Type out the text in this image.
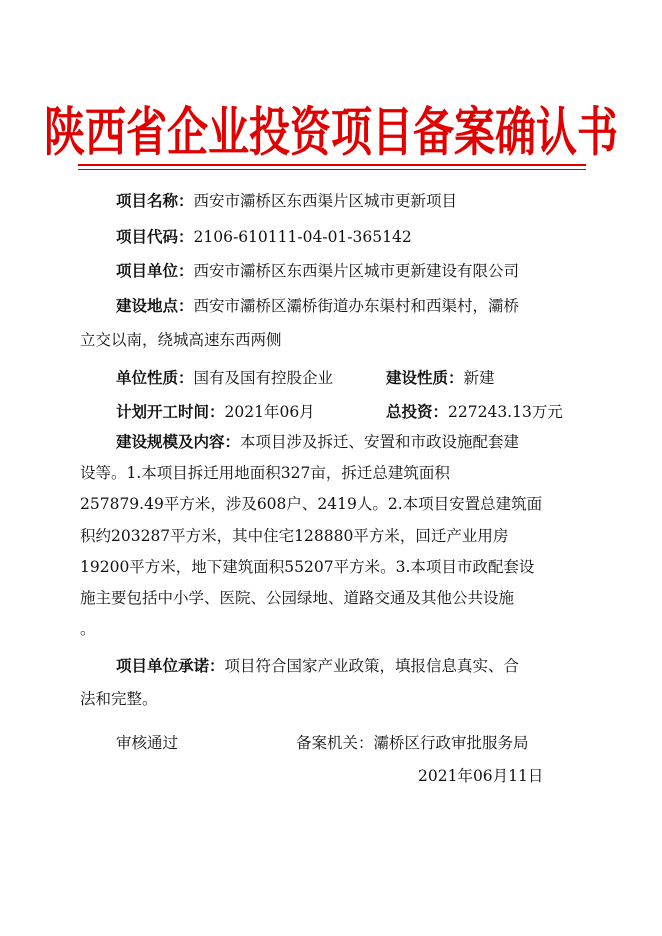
陕西省企业投资项目备案确认书
项目名称：西安市灞桥区东西渠片区城市更新项目
项目代码：2106-610111-04-01-365142
项目单位：西安市灞桥区东西渠片区城市更新建设有限公司
建设地点：西安市灞桥区灞桥街道办东渠村和西渠村，灞桥
立交以南，绕城高速东西两侧
单位性质：国有及国有控股企业	建设性质：新建
计划开工时间：2021年06月	总投资：227243.13万元
建设规模及内容：本项目涉及拆迁、安置和市政设施配套建
设等。1.本项目拆迁用地面积327亩，拆迁总建筑面积
257879.49平方米，涉及608户、2419人。2.本项目安置总建筑面
积约203287平方米，其中住宅128880平方米，回迁产业用房
19200平方米，地下建筑面积55207平方米。3.本项目市政配套设
施主要包括中小学、医院、公园绿地、道路交通及其他公共设施
。
项目单位承诺：项目符合国家产业政策，填报信息真实、合
法和完整。
审核通过	备案机关：灞桥区行政审批服务局
2021年06月11日
